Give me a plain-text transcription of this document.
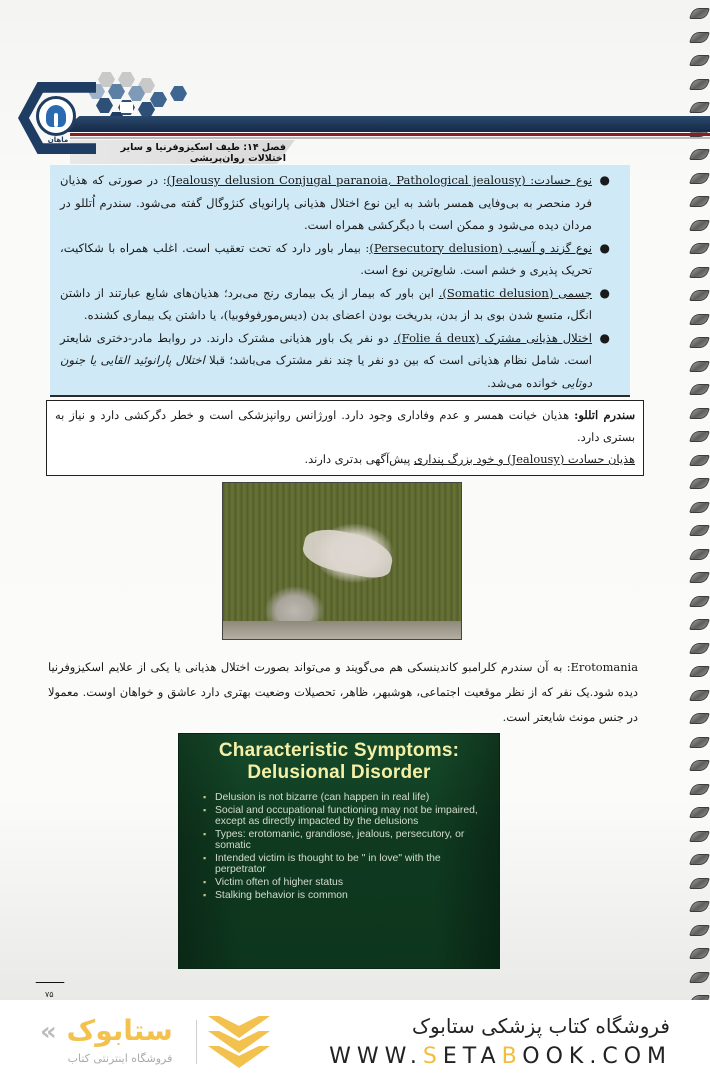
فصل ۱۴: طیف اسکیزوفرنیا و سایر اختلالات روان‌پریشی
ماهان
●
نوع حسادت: (Jealousy delusion Conjugal paranoia, Pathological jealousy): در صورتی که هذیان فرد منحصر به بی‌وفایی همسر باشد به این نوع اختلال هذیانی پارانویای کنژوگال گفته می‌شود. سندرم اُتللو در مردان دیده می‌شود و ممکن است با دیگرکشی همراه است.
●
نوع گزند و آسیب (Persecutory delusion): بیمار باور دارد که تحت تعقیب است. اغلب همراه با شکاکیت، تحریک پذیری و خشم است. شایع‌ترین نوع است.
●
جسمی (Somatic delusion). این باور که بیمار از یک بیماری رنج می‌برد؛ هذیان‌های شایع عبارتند از داشتن انگل، متسع شدن بوی بد از بدن، بدریخت بودن اعضای بدن (دیس‌مورفوفوبیا)، یا داشتن یک بیماری کشنده.
●
اختلال هذیانی مشترک (Folie á deux). دو نفر یک باور هذیانی مشترک دارند. در روابط مادر-دختری شایعتر است. شامل نظام هذیانی است که بین دو نفر یا چند نفر مشترک می‌باشد؛ قبلا اختلال پارانوئید القایی یا جنون دوتایی خوانده می‌شد.
سندرم اتللو: هذیان خیانت همسر و عدم وفاداری وجود دارد. اورژانس روانپزشکی است و خطر دگرکشی دارد و نیاز به بستری دارد.
هذیان حسادت (Jealousy) و خود بزرگ پنداری پیش‌آگهی بدتری دارند.
Erotomania: به آن سندرم کلرامبو کاندینسکی هم می‌گویند و می‌تواند بصورت اختلال هذیانی یا یکی از علایم اسکیزوفرنیا دیده شود.یک نفر که از نظر موقعیت اجتماعی، هوشبهر، ظاهر، تحصیلات وضعیت بهتری دارد عاشق و خواهان اوست. معمولا در جنس مونث شایعتر است.
Characteristic Symptoms:
Delusional Disorder
▪ Delusion is not bizarre (can happen in real life)
▪ Social and occupational functioning may not be impaired, except as directly impacted by the delusions
▪ Types: erotomanic, grandiose, jealous, persecutory, or somatic
▪ Intended victim is thought to be " in love" with the perpetrator
▪ Victim often of higher status
▪ Stalking behavior is common
۷۵
« ستابوک
فروشگاه اینترنتی کتاب
فروشگاه کتاب پزشکی ستابوک
WWW.SETABOOK.COM
